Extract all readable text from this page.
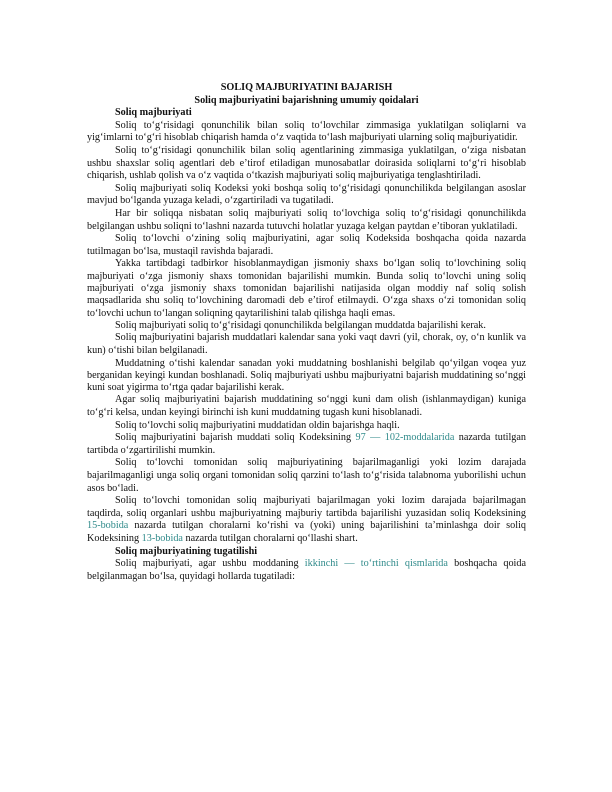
SOLIQ MAJBURIYATINI BAJARISH

Soliq majburiyatini bajarishning umumiy qoidalari

Soliq majburiyati

Soliq to‘g‘risidagi qonunchilik bilan soliq to‘lovchilar zimmasiga yuklatilgan soliqlarni va yig‘imlarni to‘g‘ri hisoblab chiqarish hamda o‘z vaqtida to‘lash majburiyati ularning soliq majburiyatidir.

Soliq to‘g‘risidagi qonunchilik bilan soliq agentlarining zimmasiga yuklatilgan, o‘ziga nisbatan ushbu shaxslar soliq agentlari deb e’tirof etiladigan munosabatlar doirasida soliqlarni to‘g‘ri hisoblab chiqarish, ushlab qolish va o‘z vaqtida o‘tkazish majburiyati soliq majburiyatiga tenglashtiriladi.

Soliq majburiyati soliq Kodeksi yoki boshqa soliq to‘g‘risidagi qonunchilikda belgilangan asoslar mavjud bo‘lganda yuzaga keladi, o‘zgartiriladi va tugatiladi.

Har bir soliqqa nisbatan soliq majburiyati soliq to‘lovchiga soliq to‘g‘risidagi qonunchilikda belgilangan ushbu soliqni to‘lashni nazarda tutuvchi holatlar yuzaga kelgan paytdan e’tiboran yuklatiladi.

Soliq to‘lovchi o‘zining soliq majburiyatini, agar soliq Kodeksida boshqacha qoida nazarda tutilmagan bo‘lsa, mustaqil ravishda bajaradi.

Yakka tartibdagi tadbirkor hisoblanmaydigan jismoniy shaxs bo‘lgan soliq to‘lovchining soliq majburiyati o‘zga jismoniy shaxs tomonidan bajarilishi mumkin. Bunda soliq to‘lovchi uning soliq majburiyati o‘zga jismoniy shaxs tomonidan bajarilishi natijasida olgan moddiy naf soliq solish maqsadlarida shu soliq to‘lovchining daromadi deb e’tirof etilmaydi. O‘zga shaxs o‘zi tomonidan soliq to‘lovchi uchun to‘langan soliqning qaytarilishini talab qilishga haqli emas.

Soliq majburiyati soliq to‘g‘risidagi qonunchilikda belgilangan muddatda bajarilishi kerak.

Soliq majburiyatini bajarish muddatlari kalendar sana yoki vaqt davri (yil, chorak, oy, o‘n kunlik va kun) o‘tishi bilan belgilanadi.

Muddatning o‘tishi kalendar sanadan yoki muddatning boshlanishi belgilab qo‘yilgan voqea yuz berganidan keyingi kundan boshlanadi. Soliq majburiyati ushbu majburiyatni bajarish muddatining so‘nggi kuni soat yigirma to‘rtga qadar bajarilishi kerak.

Agar soliq majburiyatini bajarish muddatining so‘nggi kuni dam olish (ishlanmaydigan) kuniga to‘g‘ri kelsa, undan keyingi birinchi ish kuni muddatning tugash kuni hisoblanadi.

Soliq to‘lovchi soliq majburiyatini muddatidan oldin bajarishga haqli.

Soliq majburiyatini bajarish muddati soliq Kodeksining 97 — 102-moddalarida nazarda tutilgan tartibda o‘zgartirilishi mumkin.

Soliq to‘lovchi tomonidan soliq majburiyatining bajarilmaganligi yoki lozim darajada bajarilmaganligi unga soliq organi tomonidan soliq qarzini to‘lash to‘g‘risida talabnoma yuborilishi uchun asos bo‘ladi.

Soliq to‘lovchi tomonidan soliq majburiyati bajarilmagan yoki lozim darajada bajarilmagan taqdirda, soliq organlari ushbu majburiyatning majburiy tartibda bajarilishi yuzasidan soliq Kodeksining 15-bobida nazarda tutilgan choralarni ko‘rishi va (yoki) uning bajarilishini ta’minlashga doir soliq Kodeksining 13-bobida nazarda tutilgan choralarni qo‘llashi shart.

Soliq majburiyatining tugatilishi

Soliq majburiyati, agar ushbu moddaning ikkinchi — to‘rtinchi qismlarida boshqacha qoida belgilanmagan bo‘lsa, quyidagi hollarda tugatiladi:
